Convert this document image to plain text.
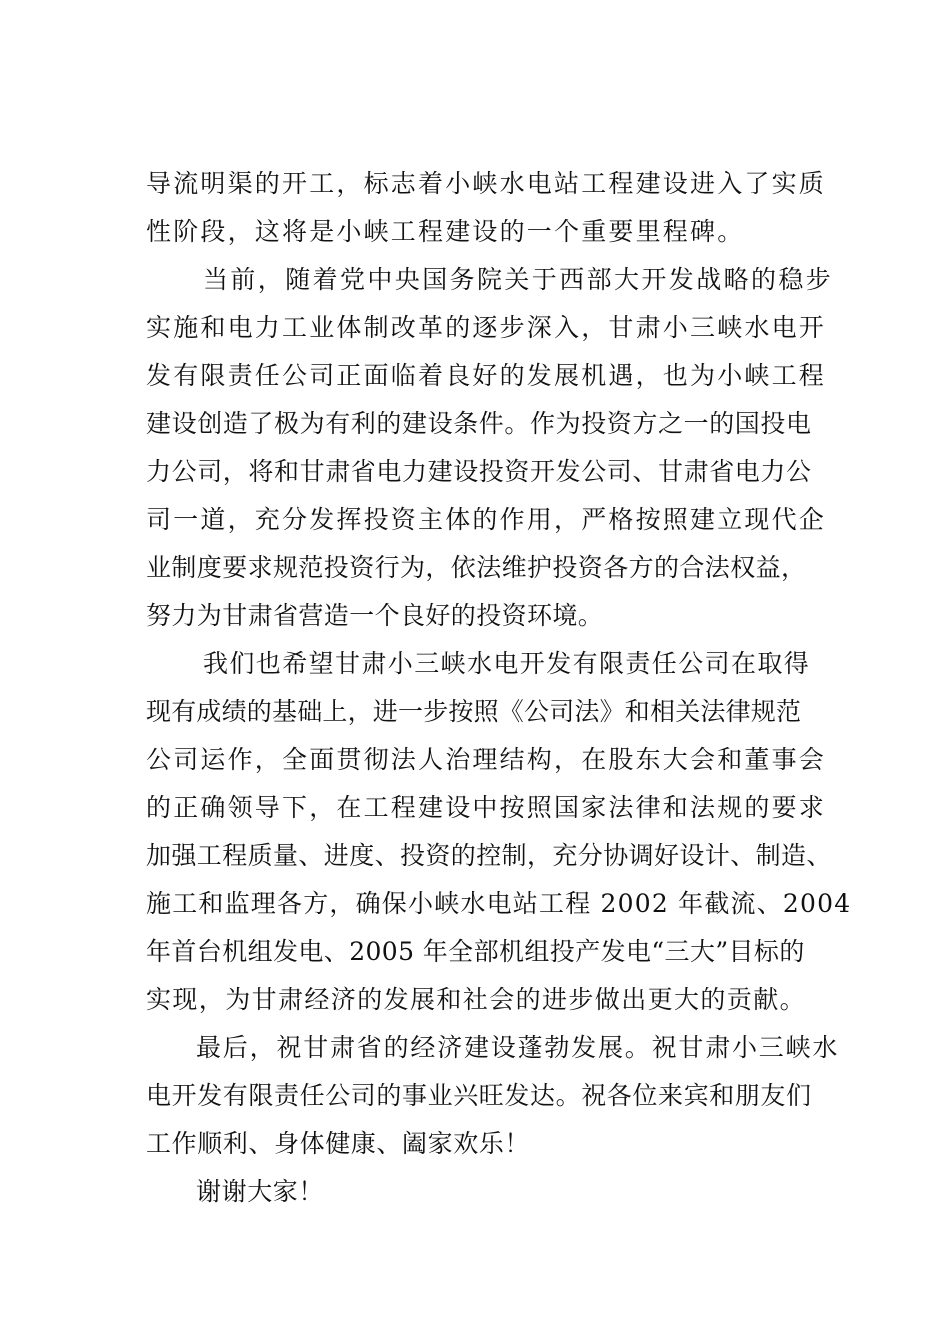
导流明渠的开工，标志着小峡水电站工程建设进入了实质
性阶段，这将是小峡工程建设的一个重要里程碑。
当前，随着党中央国务院关于西部大开发战略的稳步
实施和电力工业体制改革的逐步深入，甘肃小三峡水电开
发有限责任公司正面临着良好的发展机遇，也为小峡工程
建设创造了极为有利的建设条件。作为投资方之一的国投电
力公司，将和甘肃省电力建设投资开发公司、甘肃省电力公
司一道，充分发挥投资主体的作用，严格按照建立现代企
业制度要求规范投资行为，依法维护投资各方的合法权益，
努力为甘肃省营造一个良好的投资环境。
我们也希望甘肃小三峡水电开发有限责任公司在取得
现有成绩的基础上，进一步按照《公司法》和相关法律规范
公司运作，全面贯彻法人治理结构，在股东大会和董事会
的正确领导下，在工程建设中按照国家法律和法规的要求
加强工程质量、进度、投资的控制，充分协调好设计、制造、
施工和监理各方，确保小峡水电站工程 2002 年截流、2004
年首台机组发电、2005 年全部机组投产发电“三大”目标的
实现，为甘肃经济的发展和社会的进步做出更大的贡献。
最后，祝甘肃省的经济建设蓬勃发展。祝甘肃小三峡水
电开发有限责任公司的事业兴旺发达。祝各位来宾和朋友们
工作顺利、身体健康、阖家欢乐！
谢谢大家！
